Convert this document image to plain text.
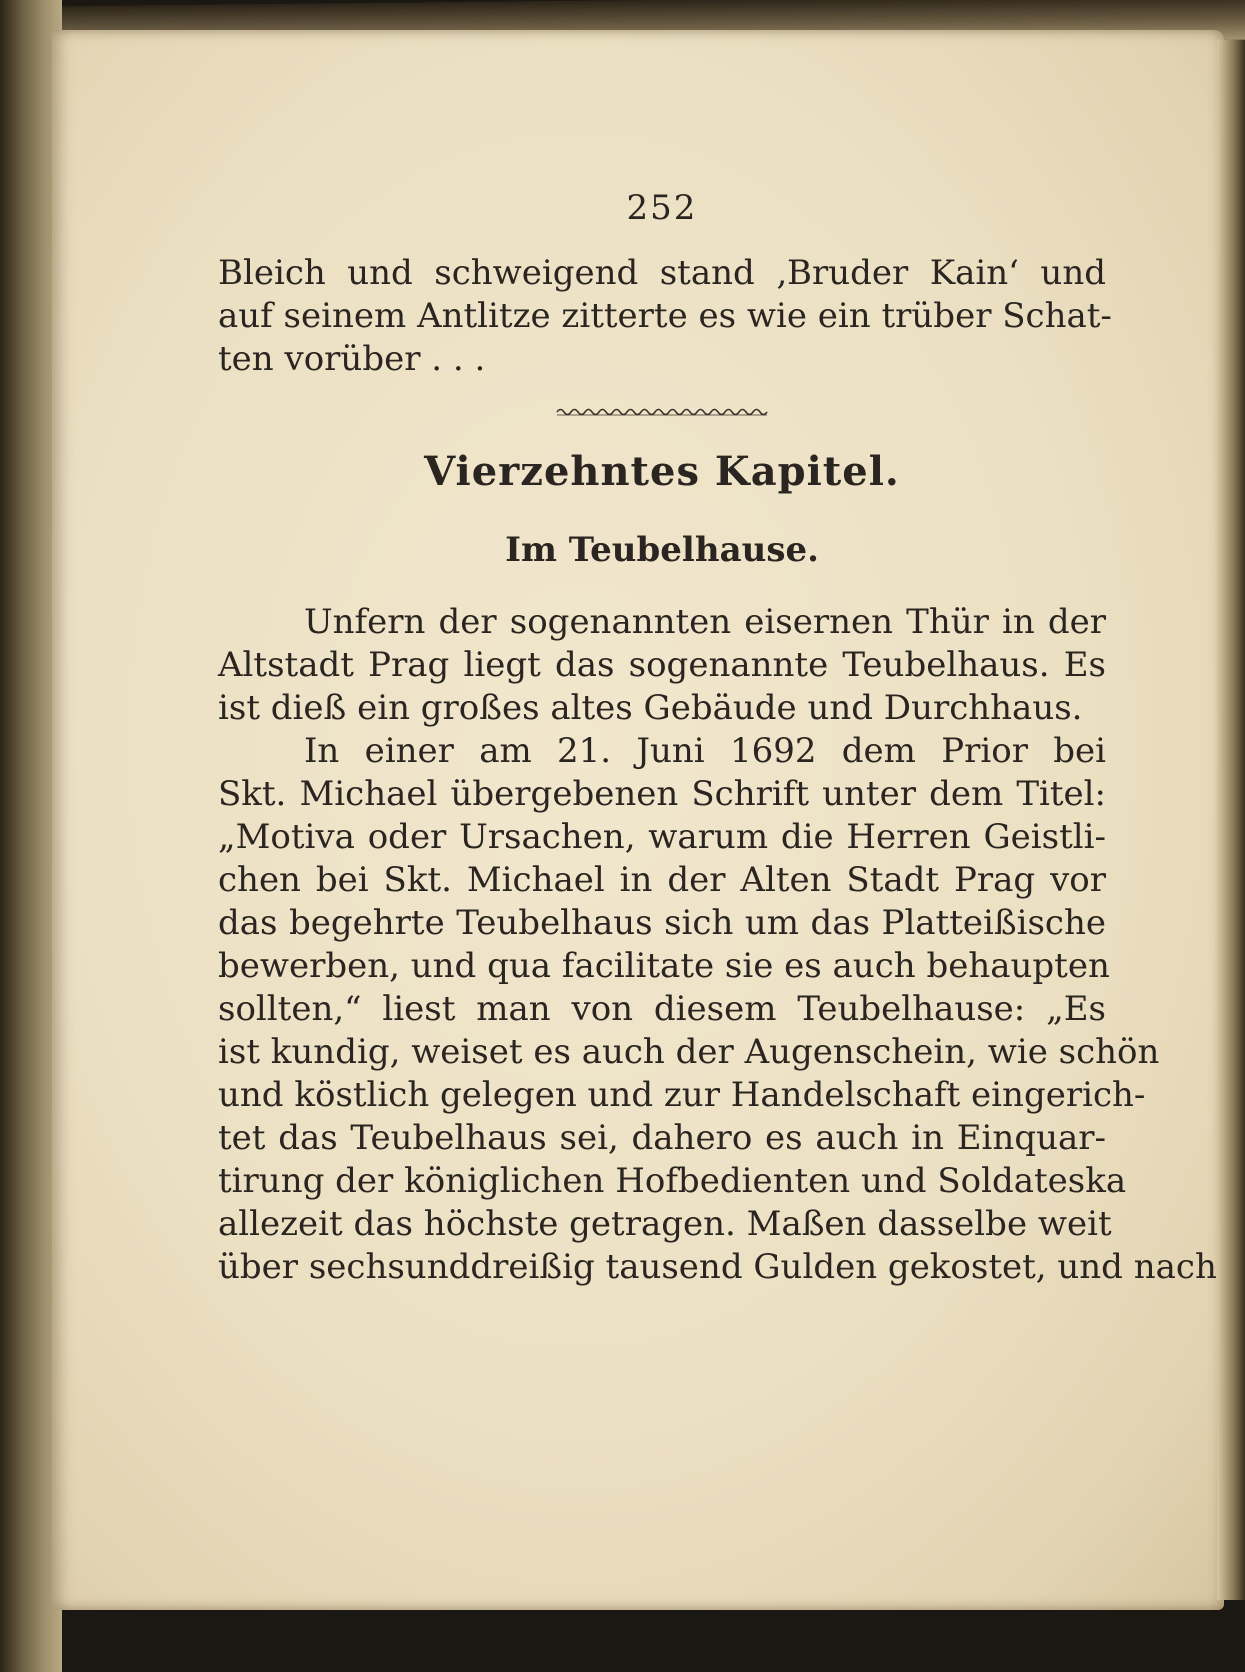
252
Bleich und schweigend stand ‚Bruder Kain‘ und
auf seinem Antlitze zitterte es wie ein trüber Schat-
ten vorüber . . .
Vierzehntes Kapitel.
Im Teubelhause.
Unfern der sogenannten eisernen Thür in der
Altstadt Prag liegt das sogenannte Teubelhaus. Es
ist dieß ein großes altes Gebäude und Durchhaus.
In einer am 21. Juni 1692 dem Prior bei
Skt. Michael übergebenen Schrift unter dem Titel:
„Motiva oder Ursachen, warum die Herren Geistli-
chen bei Skt. Michael in der Alten Stadt Prag vor
das begehrte Teubelhaus sich um das Platteißische
bewerben, und qua facilitate sie es auch behaupten
sollten,“ liest man von diesem Teubelhause: „Es
ist kundig, weiset es auch der Augenschein, wie schön
und köstlich gelegen und zur Handelschaft eingerich-
tet das Teubelhaus sei, dahero es auch in Einquar-
tirung der königlichen Hofbedienten und Soldateska
allezeit das höchste getragen. Maßen dasselbe weit
über sechsunddreißig tausend Gulden gekostet, und nach
